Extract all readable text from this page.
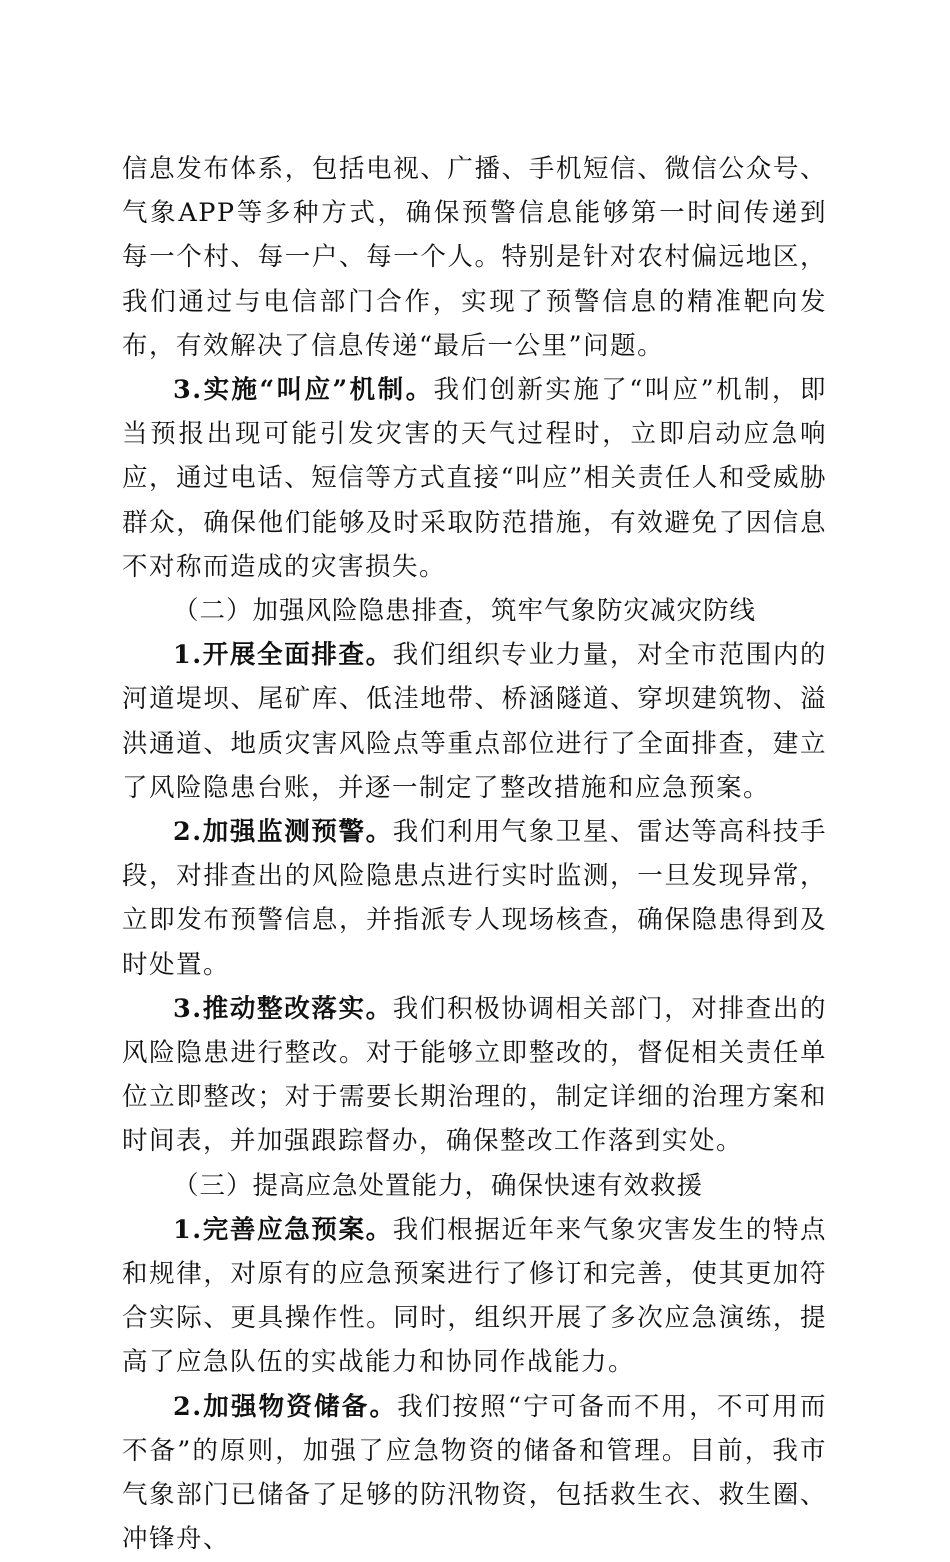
信息发布体系，包括电视、广播、手机短信、微信公众号、气象APP等多种方式，确保预警信息能够第一时间传递到每一个村、每一户、每一个人。特别是针对农村偏远地区，我们通过与电信部门合作，实现了预警信息的精准靶向发布，有效解决了信息传递“最后一公里”问题。

3.实施“叫应”机制。我们创新实施了“叫应”机制，即当预报出现可能引发灾害的天气过程时，立即启动应急响应，通过电话、短信等方式直接“叫应”相关责任人和受威胁群众，确保他们能够及时采取防范措施，有效避免了因信息不对称而造成的灾害损失。

（二）加强风险隐患排查，筑牢气象防灾减灾防线

1.开展全面排查。我们组织专业力量，对全市范围内的河道堤坝、尾矿库、低洼地带、桥涵隧道、穿坝建筑物、溢洪通道、地质灾害风险点等重点部位进行了全面排查，建立了风险隐患台账，并逐一制定了整改措施和应急预案。

2.加强监测预警。我们利用气象卫星、雷达等高科技手段，对排查出的风险隐患点进行实时监测，一旦发现异常，立即发布预警信息，并指派专人现场核查，确保隐患得到及时处置。

3.推动整改落实。我们积极协调相关部门，对排查出的风险隐患进行整改。对于能够立即整改的，督促相关责任单位立即整改；对于需要长期治理的，制定详细的治理方案和时间表，并加强跟踪督办，确保整改工作落到实处。

（三）提高应急处置能力，确保快速有效救援

1.完善应急预案。我们根据近年来气象灾害发生的特点和规律，对原有的应急预案进行了修订和完善，使其更加符合实际、更具操作性。同时，组织开展了多次应急演练，提高了应急队伍的实战能力和协同作战能力。

2.加强物资储备。我们按照“宁可备而不用，不可用而不备”的原则，加强了应急物资的储备和管理。目前，我市气象部门已储备了足够的防汛物资，包括救生衣、救生圈、冲锋舟、
